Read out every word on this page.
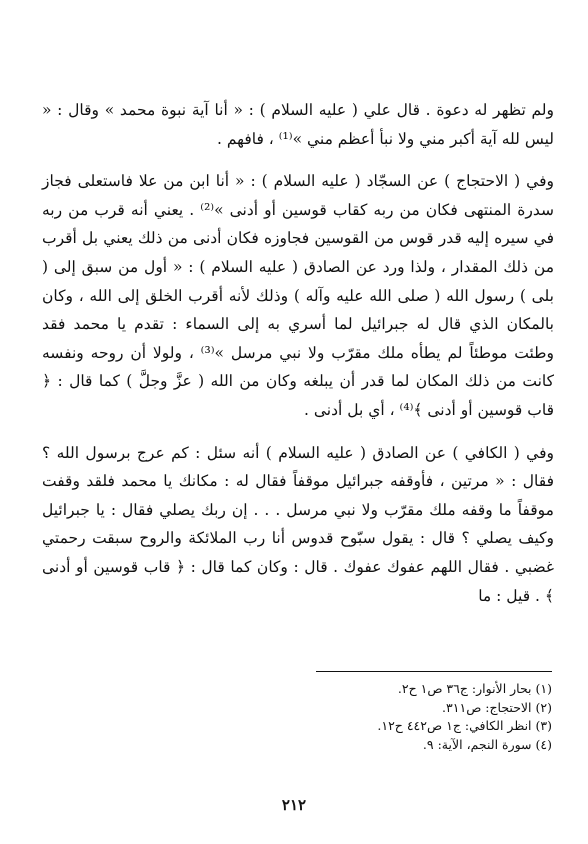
ولم تظهر له دعوة . قال علي ( عليه السلام ) : « أنا آية نبوة محمد » وقال : « ليس لله آية أكبر مني ولا نبأ أعظم مني »⁽¹⁾ ، فافهم .

وفي ( الاحتجاج ) عن السجّاد ( عليه السلام ) : « أنا ابن من علا فاستعلى فجاز سدرة المنتهى فكان من ربه كقاب قوسين أو أدنى »⁽²⁾ . يعني أنه قرب من ربه في سيره إليه قدر قوس من القوسين فجاوزه فكان أدنى من ذلك يعني بل أقرب من ذلك المقدار ، ولذا ورد عن الصادق ( عليه السلام ) : « أول من سبق إلى ( بلى ) رسول الله ( صلى الله عليه وآله ) وذلك لأنه أقرب الخلق إلى الله ، وكان بالمكان الذي قال له جبرائيل لما أسري به إلى السماء : تقدم يا محمد فقد وطئت موطئاً لم يطأه ملك مقرّب ولا نبي مرسل »⁽³⁾ ، ولولا أن روحه ونفسه كانت من ذلك المكان لما قدر أن يبلغه وكان من الله ( عزَّ وجلَّ ) كما قال : ﴿ قاب قوسين أو أدنى ﴾⁽⁴⁾ ، أي بل أدنى .

وفي ( الكافي ) عن الصادق ( عليه السلام ) أنه سئل : كم عرج برسول الله ؟ فقال : « مرتين ، فأوقفه جبرائيل موقفاً فقال له : مكانك يا محمد فلقد وقفت موقفاً ما وقفه ملك مقرّب ولا نبي مرسل . . . إن ربك يصلي فقال : يا جبرائيل وكيف يصلي ؟ قال : يقول سبّوح قدوس أنا رب الملائكة والروح سبقت رحمتي غضبي . فقال اللهم عفوك عفوك . قال : وكان كما قال : ﴿ قاب قوسين أو أدنى ﴾ . قيل : ما

(١) بحار الأنوار: ج٣٦ ص١ ح٢.
(٢) الاحتجاج: ص٣١١.
(٣) انظر الكافي: ج١ ص٤٤٢ ح١٢.
(٤) سورة النجم، الآية: ٩.
٢١٢
